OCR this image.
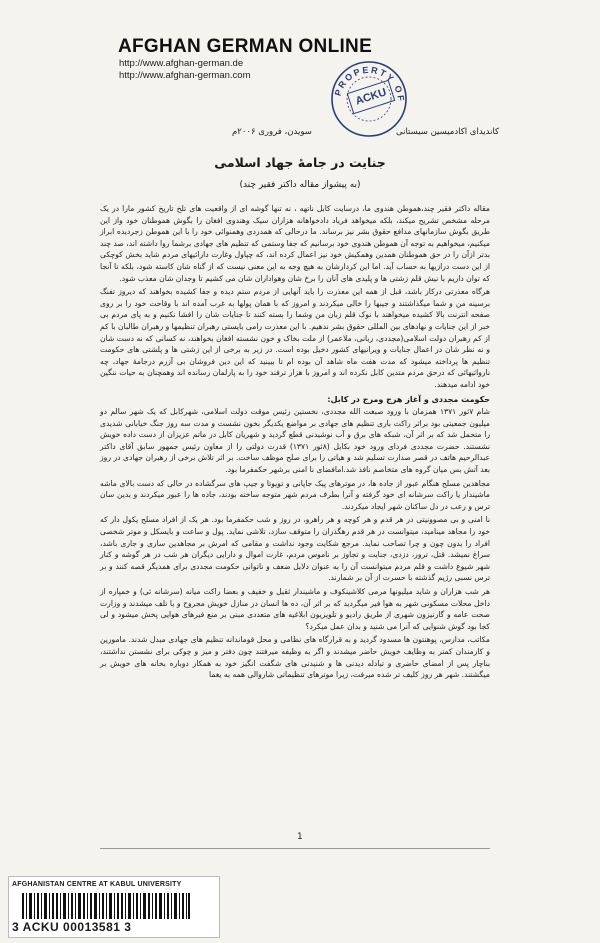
AFGHAN GERMAN ONLINE
http://www.afghan-german.de
http://www.afghan-german.com
PROPERTY OF
ACKU
سویدن، فروری ۲۰۰۶م	کاندیدای اکادمیسین سیستانی
جنایت در جامهٔ جهاد اسلامی
(به پیشواز مقاله داکتر فقیر چند)

مقاله داکتر فقیر چند،هموطن هندوی ما، درسایت کابل ناتهه ، نه تنها گوشه ای از واقعیت های تلخ تاریخ کشور مارا در یک مرحله مشخص تشریح میکند، بلکه میخواهد فریاد دادخواهانه هزاران سیک وهندوی افغان را بگوش هموطنان خود واز این طریق بگوش سازمانهای مدافع حقوق بشر نیز برساند. ما درحالی که همدردی وهمنوائی خود را با این هموطن زجردیده ابراز میکنیم، میخواهیم به توجه آن هموطن هندوی خود برسانیم که جفا وستمی که تنظیم های جهادی برشما روا داشته اند، صد چند بدتر ازآن را در حق هموطنان همدین وهمکیش خود نیز اعمال کرده اند، که چپاول وغارت دارائیهای مردم شاید بخش کوچکی از این دست درازیها به حساب آید. اما این کردارشان به هیچ وجه به این معنی نیست که از گناه شان کاسته شود، بلکه تا آنجا که توان داریم با نیش قلم زشتی ها و پلیدی های آنان را برخ شان وهواداران شان می کشیم تا وجدان شان معذب شود.

هرگاه معذرتی درکار باشد، قبل از همه این معذرت را باید آنهایی از مردم ستم دیده و جفا کشیده بخواهند که دیروز تفنگ برسینه من و شما میگذاشتند و جیبها را خالی میکردند و امروز که با همان پولها به غرب آمده اند با وقاحت خود را بر روی صفحه انترنت بالا کشیده میخواهند با نوک قلم زبان من وشما را بسته کنند تا جنایات شان را افشا نکنیم و به پای مردم بی خبر از این جنایات و نهادهای بین المللی حقوق بشر ندهیم. با این معذرت رامی بایستی رهبران تنظیمها و رهبران طالبان با کم از کم رهبران دولت اسلامی(مجددی، ربانی، ملاعمر) از ملت بخاک و خون نشسته افغان بخواهند، نه کسانی که نه دست شان و نه نظر شان در اعمال جنایات و ویرانیهای کشور دخیل بوده است. در زیر به برخی از این زشتی ها و پلشتی های حکومت تنظیم ها پرداخته میشود که مدت هفت ماه شاهد آن بوده ام تا ببینید که این دین فروشان بی آزرم درجامهٔ جهاد، چه ناروائیهائی که درحق مردم متدین کابل نکرده اند و امروز با هزار ترفند خود را به پارلمان رسانده اند وهمچنان به حیات ننگین خود ادامه میدهند.

حکومت مجددی و آغاز هرج ومرج در کابل:

شام ۷ثور ۱۳۷۱ همزمان با ورود صبغت الله مجددی، نخستین رئیس موقت دولت اسلامی، شهرکابل که یک شهر سالم دو میلیون جمعیتی بود براثر راکت باری تنظیم های جهادی بر مواضع یکدیگر بخون نشست و مدت سه روز جنگ خیابانی شدیدی را متحمل شد که بر اثر آن، شبکه های برق و آب نوشیدنی قطع گردید و شهریان کابل در ماتم عزیزان از دست داده خویش نشستند. حضرت مجددی فردای ورود خود بکابل (۸ثور ۱۳۷۱) قدرت دولتی را از معاون رئیس جمهور سابق آقای داکتر عبدالرحیم هاتف در قصر صدارت تسلیم شد و هیاتی را برای صلح موظف ساخت. بر اثر تلاش برخی از رهبران جهادی در روز بعد آتش بس میان گروه های متخاصم نافذ شد.امافضای نا امنی برشهر حکمفرما بود.

مجاهدین مسلح هنگام عبور از جاده ها، در موترهای پیک جاپانی و تویوتا و جیپ های سرگشاده در حالی که دست بالای ماشه ماشیندار یا راکت سرشانه ای خود گرفته و آنرا بطرف مردم شهر متوجه ساخته بودند، جاده ها را عبور میکردند و بدین سان ترس و رعب در دل ساکنان شهر ایجاد میکردند.

نا امنی و بی مصوونیتی در هر قدم و هر کوچه و هر راهرو، در روز و شب حکمفرما بود. هر یک از افراد مسلح یکول دار که خود را مجاهد مینامید، میتوانست در هر قدم رهگذران را متوقف سازد، تلاشی نماید. پول و ساعت و بایسکل و موتر شخصی افراد را بدون چون و چرا تصاحب نماید. مرجع شکایت وجود نداشت و مقامی که امرش بر مجاهدین ساری و جاری باشد، سراغ نمیشد. قتل، ترور، دزدی، جنایت و تجاوز بر ناموس مردم، غارت اموال و دارایی دیگران هر شب در هر گوشه و کنار شهر شیوع داشت و قلم مردم میتوانست آن را به عنوان دلایل ضعف و ناتوانی حکومت مجددی برای همدیگر قصه کنند و بر ترس نسبی رژیم گذشته با حسرت از آن بر شمارند.

هر شب هزاران و شاید میلیونها مرمی کلاشینکوف و ماشیندار ثقیل و خفیف و بعضا راکت میانه (سرشانه ئی) و خمپاره از داخل محلات مسکونی شهر به هوا فیر میگردید که بر اثر آن، ده ها انسان در منازل خویش مجروح و یا تلف میشدند و وزارت صحت عامه و گارنیزون شهری از طریق رادیو و تلویزیون ابلاغیه های متعددی مبنی بر منع فیرهای هوایی پخش میشود و لی کجا بود گوش شنوایی که آنرا می شنید و بدان عمل میکرد؟

مکاتب، مدارس، پوهنتون ها مسدود گردید و به قرارگاه های نظامی و محل قوماندانه تنظیم های جهادی مبدل شدند. مامورین و کارمندان کمتر به وظایف خویش حاضر میشدند و اگر به وظیفه میرفتند چون دفتر و میز و چوکی برای نشستن نداشتند، بناچار پس از امضای حاضری و تبادله دیدنی ها و شنیدنی های شگفت انگیز خود به همکار دوباره بخانه های خویش بر میگشتند. شهر هر روز کلیف تر شده میرفت، زیرا موترهای تنظیماتی شاروالی همه به یغما

1
AFGHANISTAN CENTRE AT KABUL UNIVERSITY
3 ACKU 00013581 3
